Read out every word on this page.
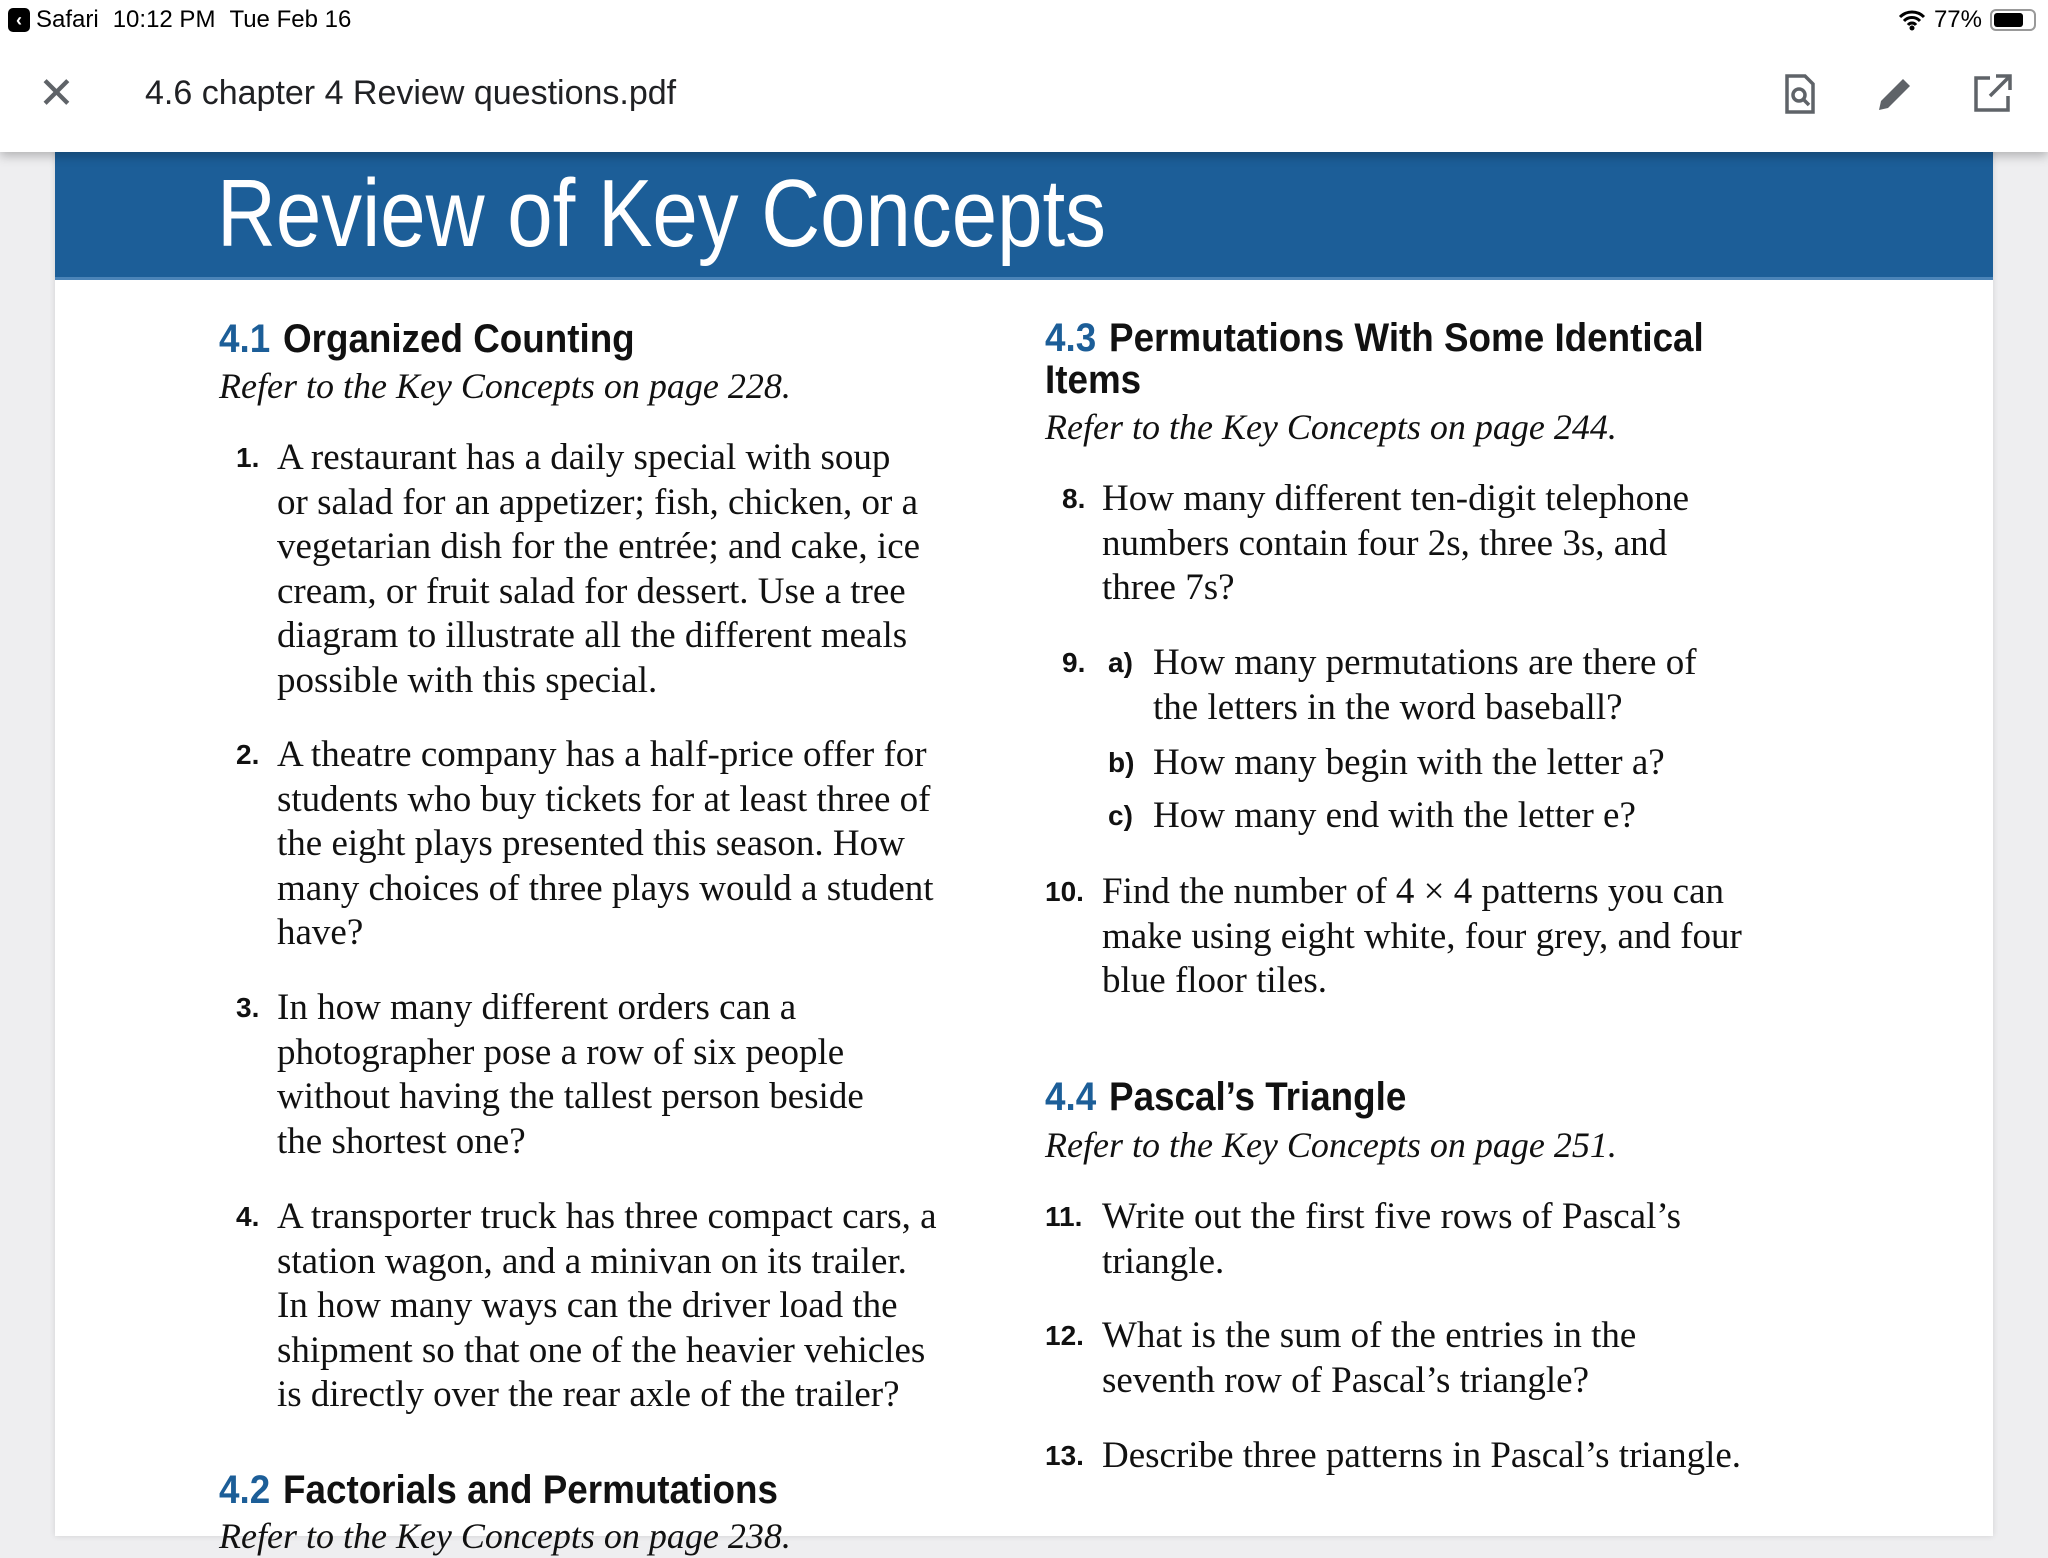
‹ Safari 10:12 PM Tue Feb 16	77%
✕ 4.6 chapter 4 Review questions.pdf
Review of Key Concepts
4.1 Organized Counting
Refer to the Key Concepts on page 228.
1. A restaurant has a daily special with soup
or salad for an appetizer; fish, chicken, or a
vegetarian dish for the entrée; and cake, ice
cream, or fruit salad for dessert. Use a tree
diagram to illustrate all the different meals
possible with this special.
2. A theatre company has a half-price offer for
students who buy tickets for at least three of
the eight plays presented this season. How
many choices of three plays would a student
have?
3. In how many different orders can a
photographer pose a row of six people
without having the tallest person beside
the shortest one?
4. A transporter truck has three compact cars, a
station wagon, and a minivan on its trailer.
In how many ways can the driver load the
shipment so that one of the heavier vehicles
is directly over the rear axle of the trailer?
4.2 Factorials and Permutations
Refer to the Key Concepts on page 238.
4.3 Permutations With Some Identical
Items
Refer to the Key Concepts on page 244.
8. How many different ten-digit telephone
numbers contain four 2s, three 3s, and
three 7s?
9. a) How many permutations are there of
the letters in the word baseball?
b) How many begin with the letter a?
c) How many end with the letter e?
10. Find the number of 4 × 4 patterns you can
make using eight white, four grey, and four
blue floor tiles.
4.4 Pascal’s Triangle
Refer to the Key Concepts on page 251.
11. Write out the first five rows of Pascal’s
triangle.
12. What is the sum of the entries in the
seventh row of Pascal’s triangle?
13. Describe three patterns in Pascal’s triangle.
